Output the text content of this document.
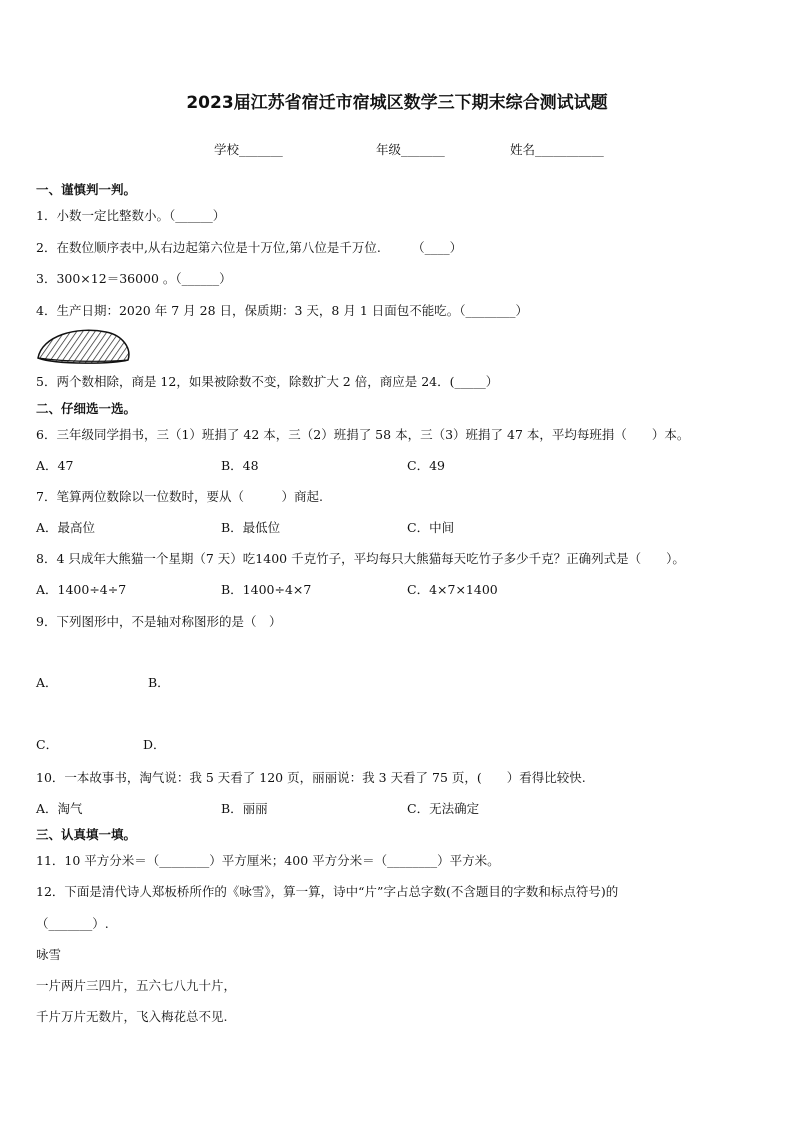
2023届江苏省宿迁市宿城区数学三下期末综合测试试题
学校_______	年级_______	姓名___________
一、谨慎判一判。
1．小数一定比整数小。（______）
2．在数位顺序表中,从右边起第六位是十万位,第八位是千万位.　　　（____）
3．300×12＝36000 。（______）
4．生产日期：2020 年 7 月 28 日，保质期：3 天，8 月 1 日面包不能吃。（________）
5．两个数相除，商是 12，如果被除数不变，除数扩大 2 倍，商应是 24．(_____）
二、仔细选一选。
6．三年级同学捐书，三（1）班捐了 42 本，三（2）班捐了 58 本，三（3）班捐了 47 本，平均每班捐（　　）本。
A．47	B．48	C．49
7．笔算两位数除以一位数时，要从（　　　）商起.
A．最高位	B．最低位	C．中间
8．4 只成年大熊猫一个星期（7 天）吃1400 千克竹子，平均每只大熊猫每天吃竹子多少千克？正确列式是（　　）。
A．1400÷4÷7	B．1400÷4×7	C．4×7×1400
9．下列图形中，不是轴对称图形的是（　）
A．	B．
C．	D．
10．一本故事书，淘气说：我 5 天看了 120 页，丽丽说：我 3 天看了 75 页，(　　）看得比较快.
A．淘气	B．丽丽	C．无法确定
三、认真填一填。
11．10 平方分米＝（________）平方厘米；400 平方分米＝（________）平方米。
12．下面是清代诗人郑板桥所作的《咏雪》，算一算，诗中“片”字占总字数(不含题目的字数和标点符号)的
（_______）.
咏雪
一片两片三四片，五六七八九十片，
千片万片无数片，飞入梅花总不见.
